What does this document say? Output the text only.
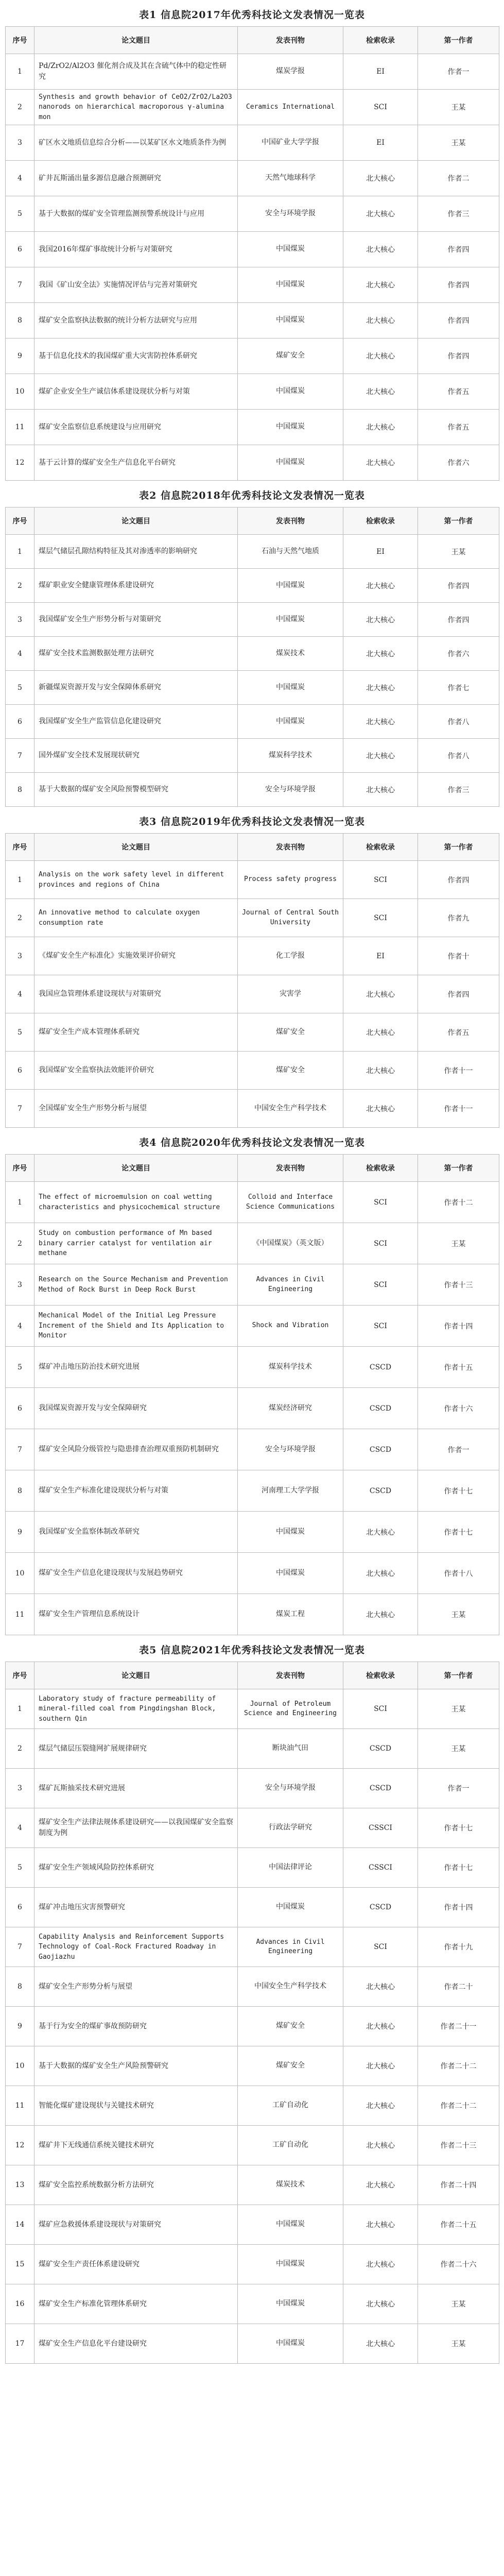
表1 信息院2017年优秀科技论文发表情况一览表
序号	论文题目	发表刊物	检索收录	第一作者
1	Pd/ZrO2/Al2O3 催化剂合成及其在含硫气体中的稳定性研究	煤炭学报	EI	作者一
2	Synthesis and growth behavior of CeO2/ZrO2/La2O3 nanorods on hierarchical macroporous γ-alumina mon	Ceramics International	SCI	王某
3	矿区水文地质信息综合分析——以某矿区水文地质条件为例	中国矿业大学学报	EI	王某
4	矿井瓦斯涌出量多源信息融合预测研究	天然气地球科学	北大核心	作者二
5	基于大数据的煤矿安全管理监测预警系统设计与应用	安全与环境学报	北大核心	作者三
6	我国2016年煤矿事故统计分析与对策研究	中国煤炭	北大核心	作者四
7	我国《矿山安全法》实施情况评估与完善对策研究	中国煤炭	北大核心	作者四
8	煤矿安全监察执法数据的统计分析方法研究与应用	中国煤炭	北大核心	作者四
9	基于信息化技术的我国煤矿重大灾害防控体系研究	煤矿安全	北大核心	作者四
10	煤矿企业安全生产诚信体系建设现状分析与对策	中国煤炭	北大核心	作者五
11	煤矿安全监察信息系统建设与应用研究	中国煤炭	北大核心	作者五
12	基于云计算的煤矿安全生产信息化平台研究	中国煤炭	北大核心	作者六
表2 信息院2018年优秀科技论文发表情况一览表
序号	论文题目	发表刊物	检索收录	第一作者
1	煤层气储层孔隙结构特征及其对渗透率的影响研究	石油与天然气地质	EI	王某
2	煤矿职业安全健康管理体系建设研究	中国煤炭	北大核心	作者四
3	我国煤矿安全生产形势分析与对策研究	中国煤炭	北大核心	作者四
4	煤矿安全技术监测数据处理方法研究	煤炭技术	北大核心	作者六
5	新疆煤炭资源开发与安全保障体系研究	中国煤炭	北大核心	作者七
6	我国煤矿安全生产监管信息化建设研究	中国煤炭	北大核心	作者八
7	国外煤矿安全技术发展现状研究	煤炭科学技术	北大核心	作者八
8	基于大数据的煤矿安全风险预警模型研究	安全与环境学报	北大核心	作者三
表3 信息院2019年优秀科技论文发表情况一览表
序号	论文题目	发表刊物	检索收录	第一作者
1	Analysis on the work safety level in different provinces and regions of China	Process safety progress	SCI	作者四
2	An innovative method to calculate oxygen consumption rate	Journal of Central South University	SCI	作者九
3	《煤矿安全生产标准化》实施效果评价研究	化工学报	EI	作者十
4	我国应急管理体系建设现状与对策研究	灾害学	北大核心	作者四
5	煤矿安全生产成本管理体系研究	煤矿安全	北大核心	作者五
6	我国煤矿安全监察执法效能评价研究	煤矿安全	北大核心	作者十一
7	全国煤矿安全生产形势分析与展望	中国安全生产科学技术	北大核心	作者十一
表4 信息院2020年优秀科技论文发表情况一览表
序号	论文题目	发表刊物	检索收录	第一作者
1	The effect of microemulsion on coal wetting characteristics and physicochemical structure	Colloid and Interface Science Communications	SCI	作者十二
2	Study on combustion performance of Mn based binary carrier catalyst for ventilation air methane	《中国煤炭》（英文版）	SCI	王某
3	Research on the Source Mechanism and Prevention Method of Rock Burst in Deep Rock Burst	Advances in Civil Engineering	SCI	作者十三
4	Mechanical Model of the Initial Leg Pressure Increment of the Shield and Its Application to Monitor	Shock and Vibration	SCI	作者十四
5	煤矿冲击地压防治技术研究进展	煤炭科学技术	CSCD	作者十五
6	我国煤炭资源开发与安全保障研究	煤炭经济研究	CSCD	作者十六
7	煤矿安全风险分级管控与隐患排查治理双重预防机制研究	安全与环境学报	CSCD	作者一
8	煤矿安全生产标准化建设现状分析与对策	河南理工大学学报	CSCD	作者十七
9	我国煤矿安全监察体制改革研究	中国煤炭	北大核心	作者十七
10	煤矿安全生产信息化建设现状与发展趋势研究	中国煤炭	北大核心	作者十八
11	煤矿安全生产管理信息系统设计	煤炭工程	北大核心	王某
表5 信息院2021年优秀科技论文发表情况一览表
序号	论文题目	发表刊物	检索收录	第一作者
1	Laboratory study of fracture permeability of mineral-filled coal from Pingdingshan Block, southern Qin	Journal of Petroleum Science and Engineering	SCI	王某
2	煤层气储层压裂缝网扩展规律研究	断块油气田	CSCD	王某
3	煤矿瓦斯抽采技术研究进展	安全与环境学报	CSCD	作者一
4	煤矿安全生产法律法规体系建设研究——以我国煤矿安全监察制度为例	行政法学研究	CSSCI	作者十七
5	煤矿安全生产领域风险防控体系研究	中国法律评论	CSSCI	作者十七
6	煤矿冲击地压灾害预警研究	中国煤炭	CSCD	作者十四
7	Capability Analysis and Reinforcement Supports Technology of Coal-Rock Fractured Roadway in Gaojiazhu	Advances in Civil Engineering	SCI	作者十九
8	煤矿安全生产形势分析与展望	中国安全生产科学技术	北大核心	作者二十
9	基于行为安全的煤矿事故预防研究	煤矿安全	北大核心	作者二十一
10	基于大数据的煤矿安全生产风险预警研究	煤矿安全	北大核心	作者二十二
11	智能化煤矿建设现状与关键技术研究	工矿自动化	北大核心	作者二十二
12	煤矿井下无线通信系统关键技术研究	工矿自动化	北大核心	作者二十三
13	煤矿安全监控系统数据分析方法研究	煤炭技术	北大核心	作者二十四
14	煤矿应急救援体系建设现状与对策研究	中国煤炭	北大核心	作者二十五
15	煤矿安全生产责任体系建设研究	中国煤炭	北大核心	作者二十六
16	煤矿安全生产标准化管理体系研究	中国煤炭	北大核心	王某
17	煤矿安全生产信息化平台建设研究	中国煤炭	北大核心	王某
